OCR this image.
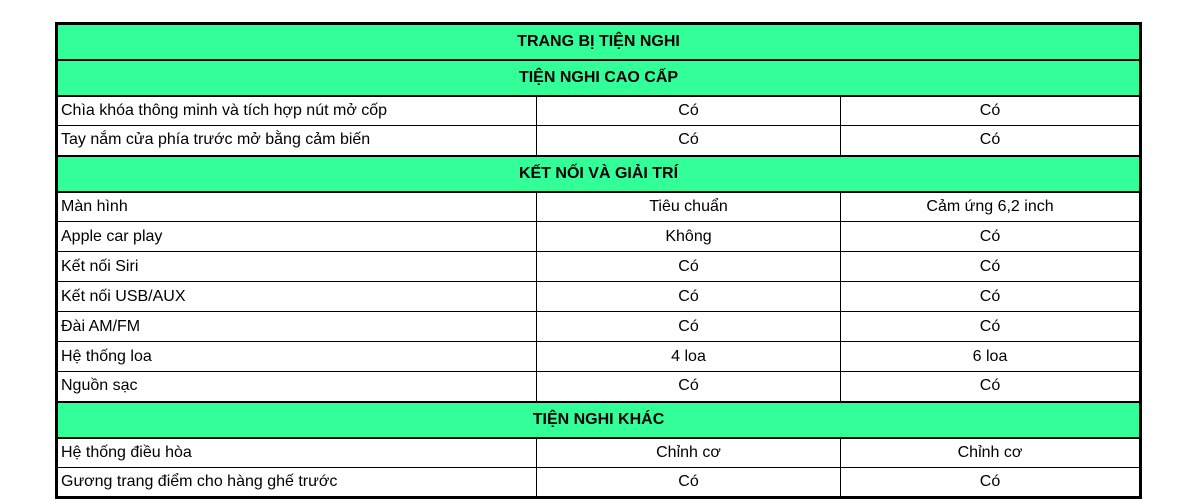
TRANG BỊ TIỆN NGHI		
TIỆN NGHI CAO CẤP		
Chìa khóa thông minh và tích hợp nút mở cốp	Có	Có
Tay nắm cửa phía trước mở bằng cảm biến	Có	Có
KẾT NỐI VÀ GIẢI TRÍ		
Màn hình	Tiêu chuẩn	Cảm ứng 6,2 inch
Apple car play	Không	Có
Kết nối Siri	Có	Có
Kết nối USB/AUX	Có	Có
Đài AM/FM	Có	Có
Hệ thống loa	4 loa	6 loa
Nguồn sạc	Có	Có
TIỆN NGHI KHÁC		
Hệ thống điều hòa	Chỉnh cơ	Chỉnh cơ
Gương trang điểm cho hàng ghế trước	Có	Có
